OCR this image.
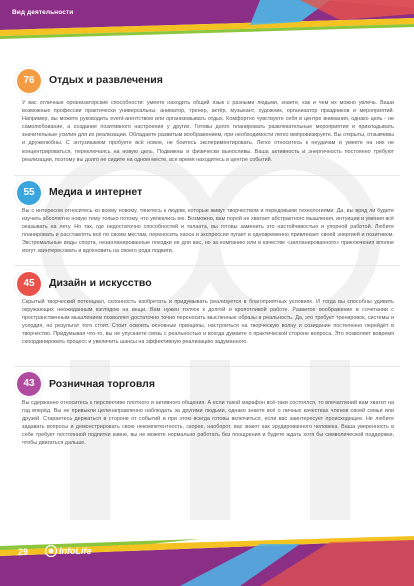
Вид деятельности
76	Отдых и развлечения
У вас отличные организаторские способности: умеете находить общий язык с разными людьми, знаете, как и чем их можно увлечь. Ваши возможные профессии практически универсальны: аниматор, тренер, актёр, музыкант, художник, организатор праздников и мероприятий. Например, вы можете руководить event-агентством или организовывать отдых. Комфортно чувствуете себя в центре внимания, однако цель - не самолюбование, а создание позитивного настроения у других. Готовы долго планировать развлекательные мероприятия и прикладывать значительные усилия для их реализации. Обладаете развитым воображением, при необходимости легко импровизируете. Вы открыты, отзывчивы и дружелюбны. С энтузиазмом пробуете всё новое, не боитесь экспериментировать. Легко относитесь к неудачам и умеете на них не концентрироваться, переключаясь на новую цель. Подвижны и физически выносливы. Ваша активность и энергичность постоянно требуют реализации, поэтому вы долго не сидите на одном месте, все время находитесь в центре событий.
55	Медиа и интернет
Вы с интересом относитесь ко всему новому, тянетесь к людям, которые живут творчеством и передовыми технологиями. Да, вы вряд ли будете изучать абсолютно новую тему только потому, что увлеклись ею. Возможно, вам порой не хватает абстрактного мышления, интуиции и умения всё оказывать на лету. Но так, где недостаточно способностей и таланта, вы готовы заменить это настойчивостью и упорной работой. Любите планировать и расставлять всё по своим местам, переносить хаоса и экспрессия пугает и одновременно привлекает своей энергией и позитивом. Экстремальные виды спорта, незапланированные поездки не для вас, но за компанию или в качестве «запланированного» приключения вполне могут заинтересовать и вдохновить на своего рода подвиги.
45	Дизайн и искусство
Скрытый творческий потенциал, склонность изобретать и придумывать реализуется в благоприятных условиях. И тогда вы способны удивить окружающих неожиданным взглядом на вещи. Вам нужен толчок к долгой и кропотливой работе. Развитое воображение в сочетании с пространственным мышлением позволяет достаточно точно переносить мысленные образы в реальность. Да, это требует тренировок, системы и усердия, но результат того стоит. Стоит освоить основные принципы, настроиться на творческую волну и созидание постепенно перейдёт в творчество. Придумывая что-то, вы не упускаете связь с реальностью и всегда думаете о практической стороне вопроса. Это позволяет вовремя скоординировать процесс и увеличить шансы на эффективную реализацию задуманного.
43	Розничная торговля
Вы сдержанно относитесь к перспективе плотного и активного общения. А если такой марафон всё-таки состоялся, то впечатлений вам хватит на год вперёд. Вы не привыкли целенаправленно наблюдать за другими людьми, однако знаете всё о личных качествах членов своей семьи или друзей. Стараетесь держаться в стороне от событий и при этом всегда готовы включиться, если вас заинтересует происходящее. Не любите задавать вопросы и демонстрировать свою некомпетентность, скорее, наоборот, вас знают как эрудированного человека. Ваша уверенность в себе требует постоянной подпитки извне, вы не можете нормально работать без поощрения и будете ждать хотя бы символической поддержки, чтобы двигаться дальше.
29	InfoLife
